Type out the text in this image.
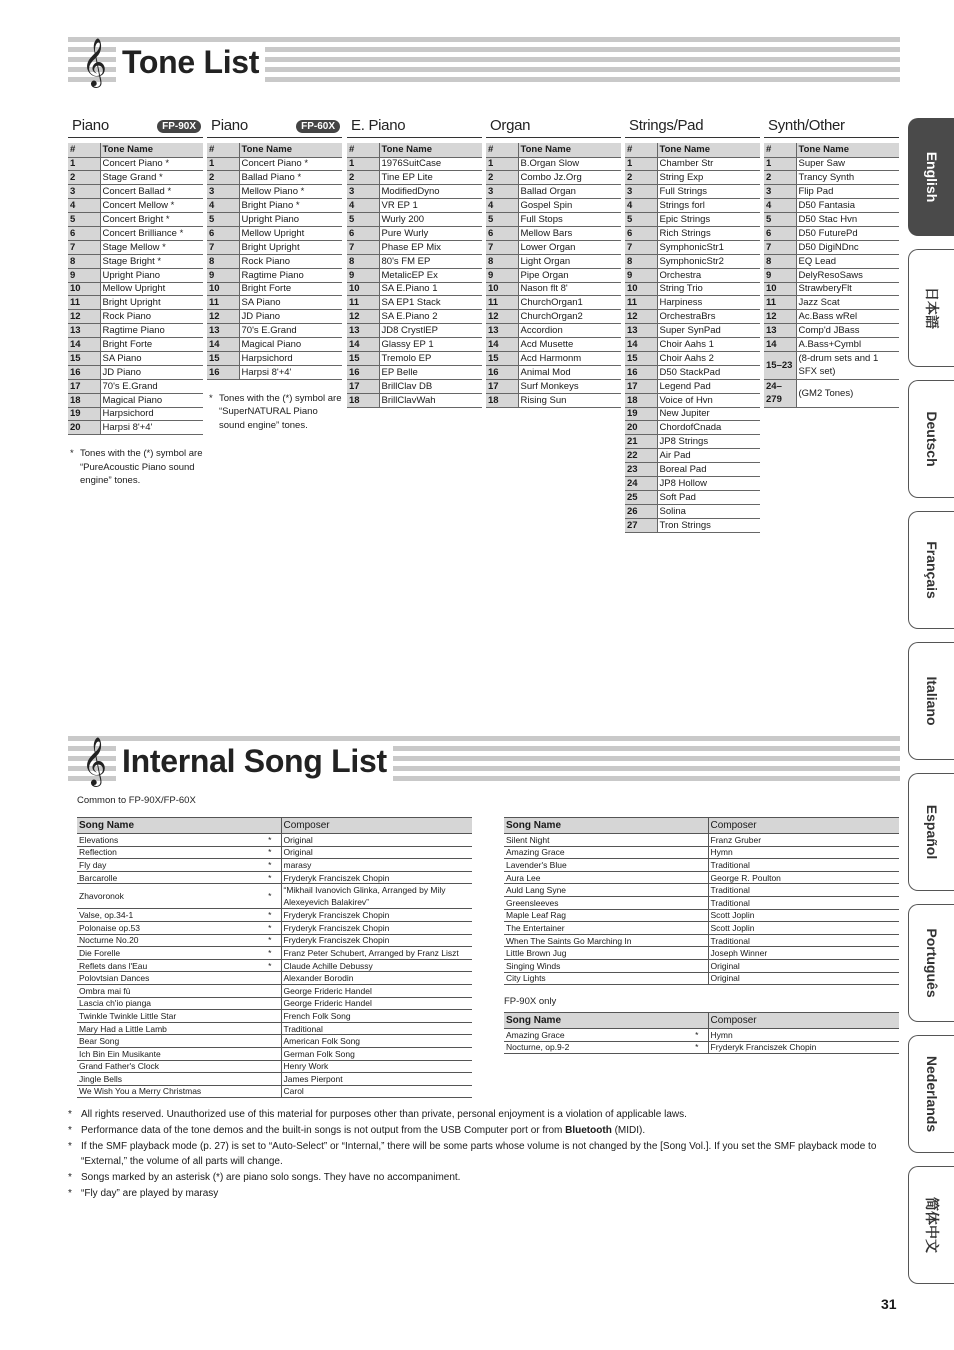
𝄞 Tone List
Piano	FP-90X
#	Tone Name
1	Concert Piano *
2	Stage Grand *
3	Concert Ballad *
4	Concert Mellow *
5	Concert Bright *
6	Concert Brilliance *
7	Stage Mellow *
8	Stage Bright *
9	Upright Piano
10	Mellow Upright
11	Bright Upright
12	Rock Piano
13	Ragtime Piano
14	Bright Forte
15	SA Piano
16	JD Piano
17	70's E.Grand
18	Magical Piano
19	Harpsichord
20	Harpsi 8'+4'
* Tones with the (*) symbol are “PureAcoustic Piano sound engine” tones.
Piano	FP-60X
#	Tone Name
1	Concert Piano *
2	Ballad Piano *
3	Mellow Piano *
4	Bright Piano *
5	Upright Piano
6	Mellow Upright
7	Bright Upright
8	Rock Piano
9	Ragtime Piano
10	Bright Forte
11	SA Piano
12	JD Piano
13	70's E.Grand
14	Magical Piano
15	Harpsichord
16	Harpsi 8'+4'
* Tones with the (*) symbol are “SuperNATURAL Piano sound engine” tones.
E. Piano
#	Tone Name
1	1976SuitCase
2	Tine EP Lite
3	ModifiedDyno
4	VR EP 1
5	Wurly 200
6	Pure Wurly
7	Phase EP Mix
8	80's FM EP
9	MetalicEP Ex
10	SA E.Piano 1
11	SA EP1 Stack
12	SA E.Piano 2
13	JD8 CrystlEP
14	Glassy EP 1
15	Tremolo EP
16	EP Belle
17	BrillClav DB
18	BrillClavWah
Organ
#	Tone Name
1	B.Organ Slow
2	Combo Jz.Org
3	Ballad Organ
4	Gospel Spin
5	Full Stops
6	Mellow Bars
7	Lower Organ
8	Light Organ
9	Pipe Organ
10	Nason flt 8'
11	ChurchOrgan1
12	ChurchOrgan2
13	Accordion
14	Acd Musette
15	Acd Harmonm
16	Animal Mod
17	Surf Monkeys
18	Rising Sun
Strings/Pad
#	Tone Name
1	Chamber Str
2	String Exp
3	Full Strings
4	Strings forl
5	Epic Strings
6	Rich Strings
7	SymphonicStr1
8	SymphonicStr2
9	Orchestra
10	String Trio
11	Harpiness
12	OrchestraBrs
13	Super SynPad
14	Choir Aahs 1
15	Choir Aahs 2
16	D50 StackPad
17	Legend Pad
18	Voice of Hvn
19	New Jupiter
20	ChordofCnada
21	JP8 Strings
22	Air Pad
23	Boreal Pad
24	JP8 Hollow
25	Soft Pad
26	Solina
27	Tron Strings
Synth/Other
#	Tone Name
1	Super Saw
2	Trancy Synth
3	Flip Pad
4	D50 Fantasia
5	D50 Stac Hvn
6	D50 FuturePd
7	D50 DigiNDnc
8	EQ Lead
9	DelyResoSaws
10	StrawberyFlt
11	Jazz Scat
12	Ac.Bass wRel
13	Comp'd JBass
14	A.Bass+Cymbl
15–23	(8-drum sets and 1 SFX set)
24–279	(GM2 Tones)
English
日本語
Deutsch
Français
Italiano
Español
Português
Nederlands
简体中文
𝄞 Internal Song List
Common to FP-90X/FP-60X
Song Name		Composer
Elevations	*	Original
Reflection	*	Original
Fly day	*	marasy
Barcarolle	*	Fryderyk Franciszek Chopin
Zhavoronok	*	“Mikhail Ivanovich Glinka, Arranged by Mily Alexeyevich Balakirev”
Valse, op.34-1	*	Fryderyk Franciszek Chopin
Polonaise op.53	*	Fryderyk Franciszek Chopin
Nocturne No.20	*	Fryderyk Franciszek Chopin
Die Forelle	*	Franz Peter Schubert, Arranged by Franz Liszt
Reflets dans l'Eau	*	Claude Achille Debussy
Polovtsian Dances		Alexander Borodin
Ombra mai fù		George Frideric Handel
Lascia ch'io pianga		George Frideric Handel
Twinkle Twinkle Little Star		French Folk Song
Mary Had a Little Lamb		Traditional
Bear Song		American Folk Song
Ich Bin Ein Musikante		German Folk Song
Grand Father's Clock		Henry Work
Jingle Bells		James Pierpont
We Wish You a Merry Christmas		Carol
Song Name		Composer
Silent Night		Franz Gruber
Amazing Grace		Hymn
Lavender's Blue		Traditional
Aura Lee		George R. Poulton
Auld Lang Syne		Traditional
Greensleeves		Traditional
Maple Leaf Rag		Scott Joplin
The Entertainer		Scott Joplin
When The Saints Go Marching In		Traditional
Little Brown Jug		Joseph Winner
Singing Winds		Original
City Lights		Original
FP-90X only
Song Name		Composer
Amazing Grace	*	Hymn
Nocturne, op.9-2	*	Fryderyk Franciszek Chopin
* All rights reserved. Unauthorized use of this material for purposes other than private, personal enjoyment is a violation of applicable laws.
* Performance data of the tone demos and the built-in songs is not output from the USB Computer port or from Bluetooth (MIDI).
* If the SMF playback mode (p. 27) is set to “Auto-Select” or “Internal,” there will be some parts whose volume is not changed by the [Song Vol.]. If you set the SMF playback mode to “External,” the volume of all parts will change.
* Songs marked by an asterisk (*) are piano solo songs. They have no accompaniment.
* “Fly day” are played by marasy
31
